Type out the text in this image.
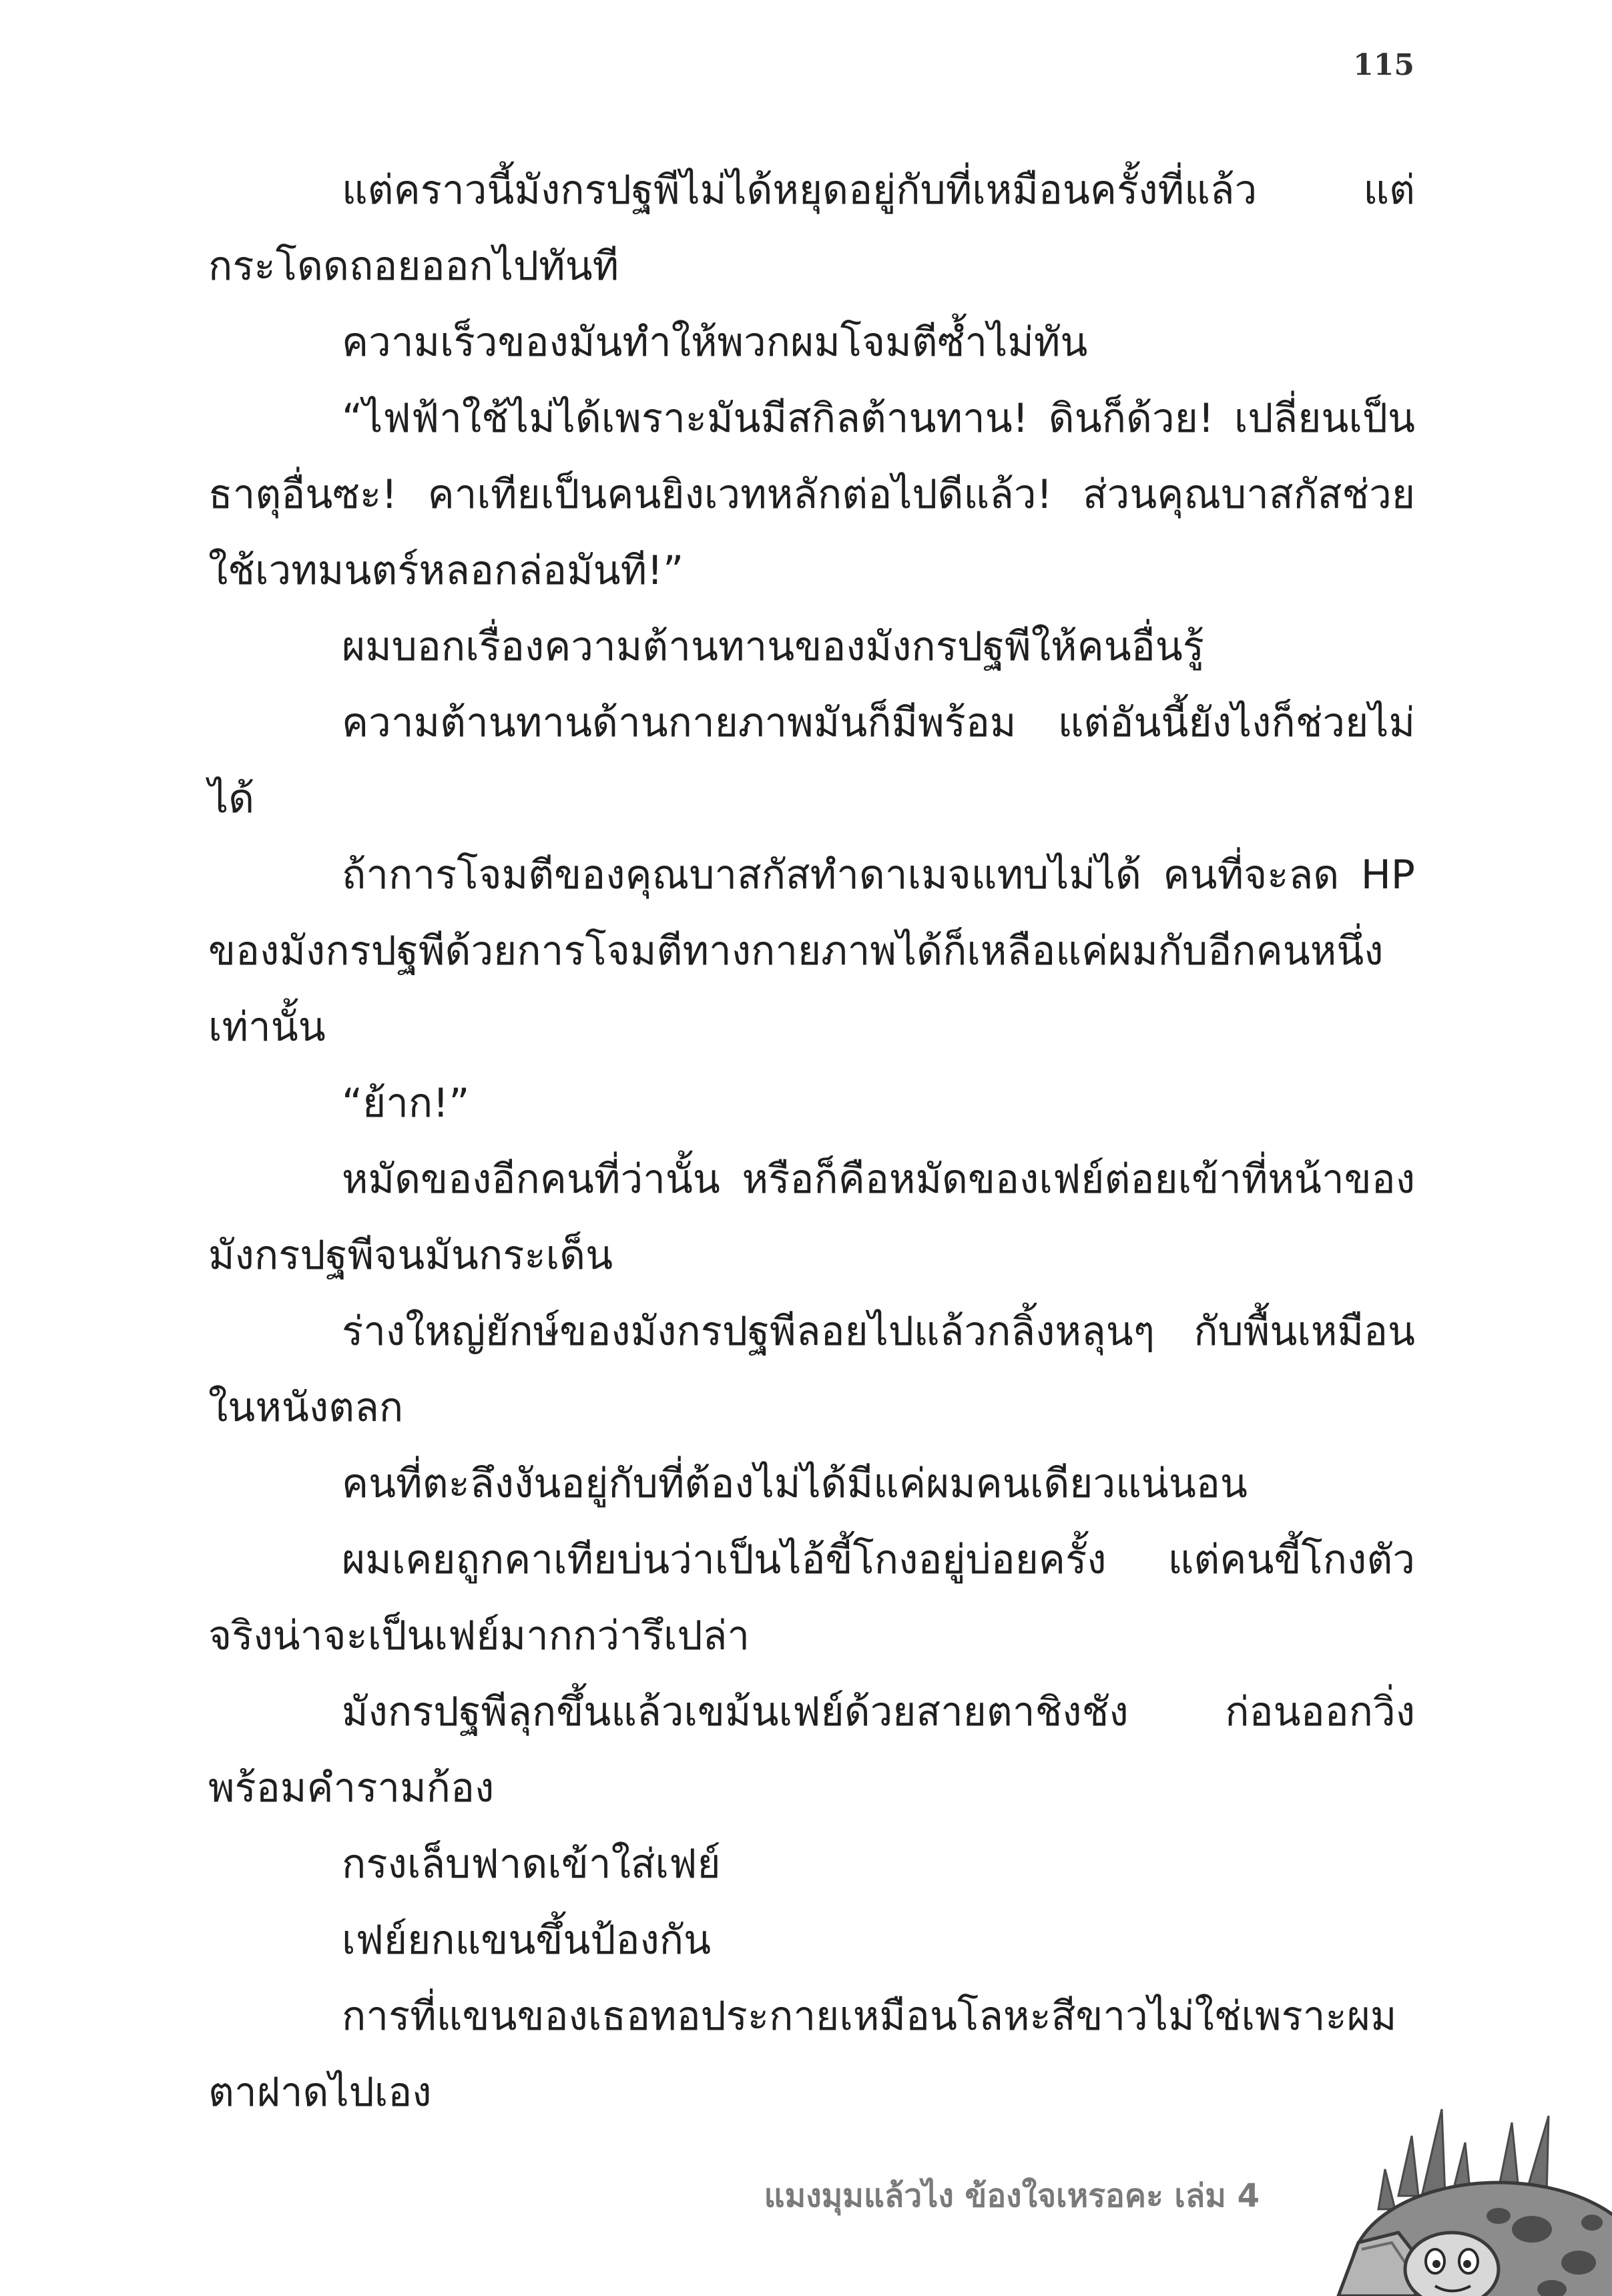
115

แต่คราวนี้มังกรปฐพีไม่ได้หยุดอยู่กับที่เหมือนครั้งที่แล้ว แต่กระโดดถอยออกไปทันที

ความเร็วของมันทำให้พวกผมโจมตีซ้ำไม่ทัน

“ไฟฟ้าใช้ไม่ได้เพราะมันมีสกิลต้านทาน! ดินก็ด้วย! เปลี่ยนเป็นธาตุอื่นซะ! คาเทียเป็นคนยิงเวทหลักต่อไปดีแล้ว! ส่วนคุณบาสกัสช่วยใช้เวทมนตร์หลอกล่อมันที!”

ผมบอกเรื่องความต้านทานของมังกรปฐพีให้คนอื่นรู้

ความต้านทานด้านกายภาพมันก็มีพร้อม แต่อันนี้ยังไงก็ช่วยไม่ได้

ถ้าการโจมตีของคุณบาสกัสทำดาเมจแทบไม่ได้ คนที่จะลด HP ของมังกรปฐพีด้วยการโจมตีทางกายภาพได้ก็เหลือแค่ผมกับอีกคนหนึ่งเท่านั้น

“ย้าก!”

หมัดของอีกคนที่ว่านั้น หรือก็คือหมัดของเฟย์ต่อยเข้าที่หน้าของมังกรปฐพีจนมันกระเด็น

ร่างใหญ่ยักษ์ของมังกรปฐพีลอยไปแล้วกลิ้งหลุนๆ กับพื้นเหมือนในหนังตลก

คนที่ตะลึงงันอยู่กับที่ต้องไม่ได้มีแค่ผมคนเดียวแน่นอน

ผมเคยถูกคาเทียบ่นว่าเป็นไอ้ขี้โกงอยู่บ่อยครั้ง แต่คนขี้โกงตัวจริงน่าจะเป็นเฟย์มากกว่ารึเปล่า

มังกรปฐพีลุกขึ้นแล้วเขม้นเฟย์ด้วยสายตาชิงชัง ก่อนออกวิ่งพร้อมคำรามก้อง

กรงเล็บฟาดเข้าใส่เฟย์

เฟย์ยกแขนขึ้นป้องกัน

การที่แขนของเธอทอประกายเหมือนโลหะสีขาวไม่ใช่เพราะผมตาฝาดไปเอง

แมงมุมแล้วไง ข้องใจเหรอคะ เล่ม 4
